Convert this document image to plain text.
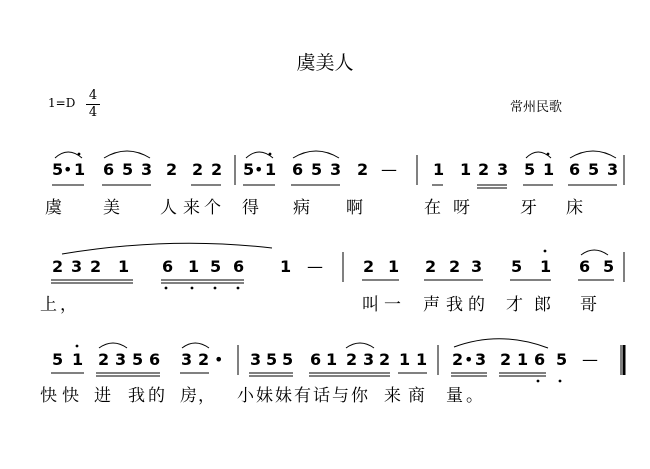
虞美人
1=D 4
4	常州民歌
5 • 1 6 5 3 2 2 2 5 • 1 6 5 3 2 — 1 1 2 3 5 1 6 5 3
虞 美 人 来 个 得 病 啊	在 呀	牙 床
2 3 2 1 6 1 5 6 1 —	2 1 2 2 3 5 1 6 5
上 ，	叫 一 声 我 的 才 郎 哥
5 1 2 3 5 6 3 2 • 3 5 5 6 1 2 3 2 1 1 2 • 3 2 1 6 5 —
快 快 进 我 的 房 ， 小 妹 妹 有 话 与 你 来 商 量 。
